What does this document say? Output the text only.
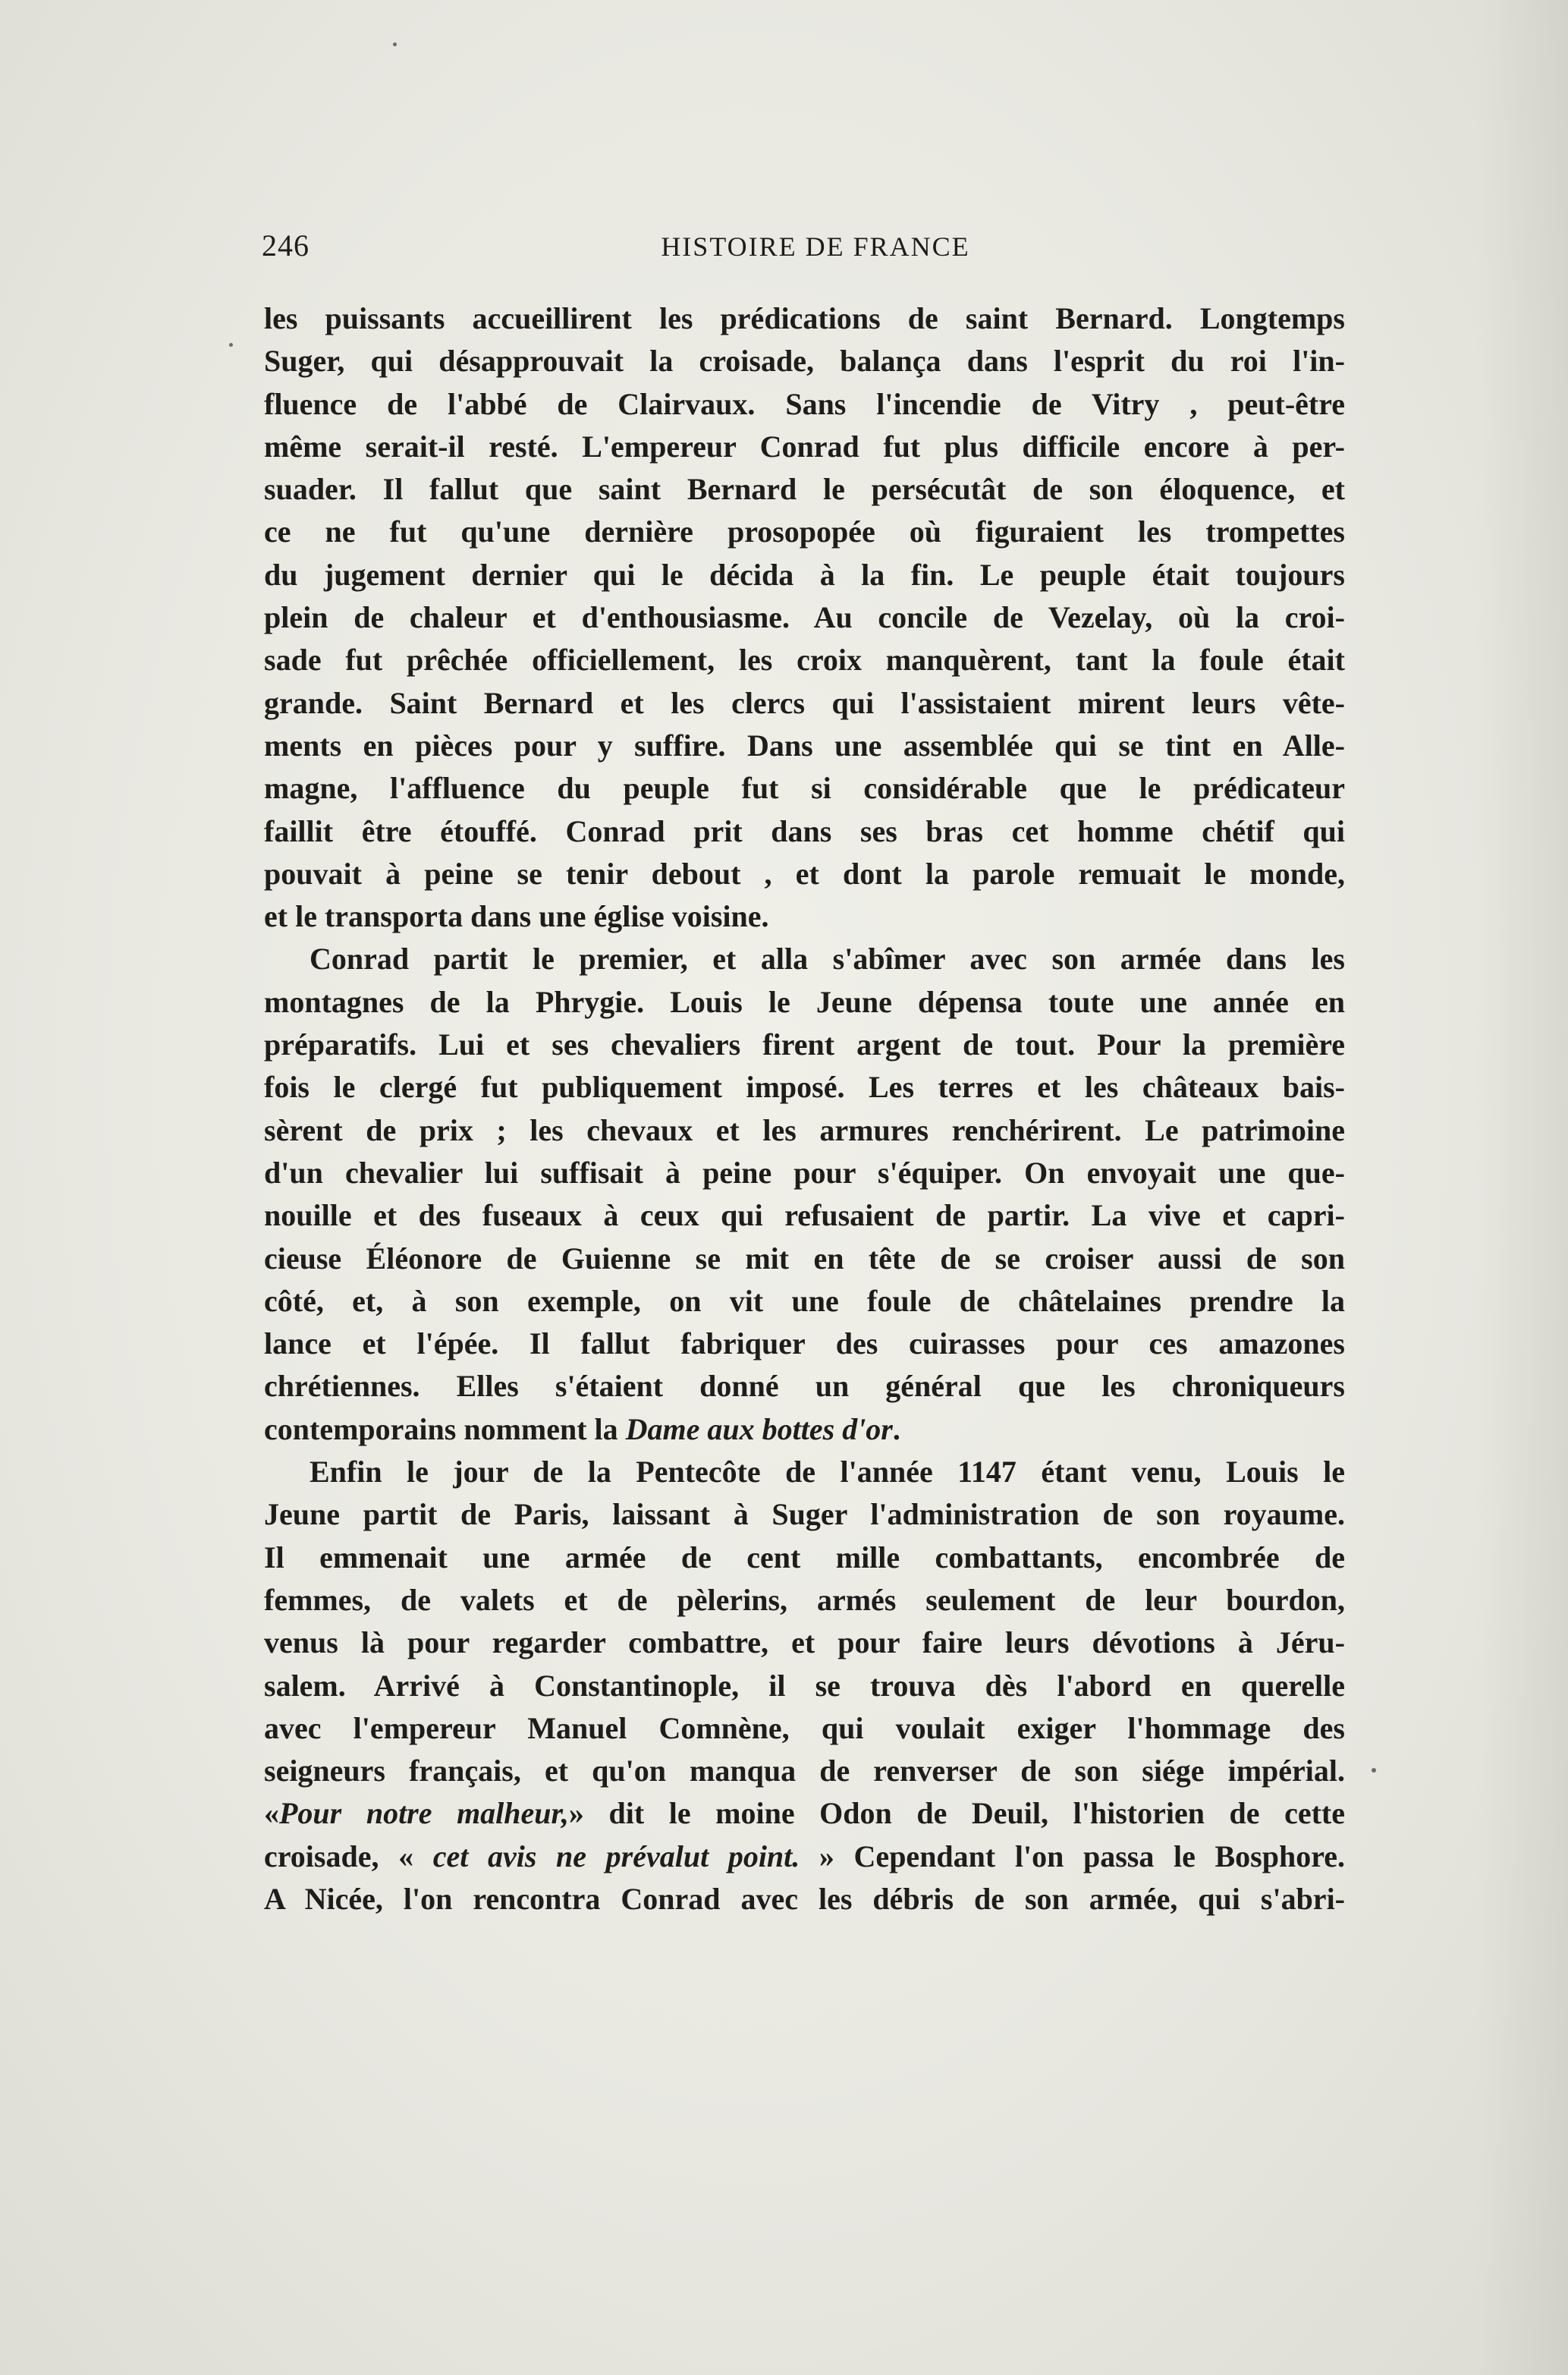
246	HISTOIRE DE FRANCE
les puissants accueillirent les prédications de saint Bernard. Longtemps
Suger, qui désapprouvait la croisade, balança dans l'esprit du roi l'in-
fluence de l'abbé de Clairvaux. Sans l'incendie de Vitry , peut-être
même serait-il resté. L'empereur Conrad fut plus difficile encore à per-
suader. Il fallut que saint Bernard le persécutât de son éloquence, et
ce ne fut qu'une dernière prosopopée où figuraient les trompettes
du jugement dernier qui le décida à la fin. Le peuple était toujours
plein de chaleur et d'enthousiasme. Au concile de Vezelay, où la croi-
sade fut prêchée officiellement, les croix manquèrent, tant la foule était
grande. Saint Bernard et les clercs qui l'assistaient mirent leurs vête-
ments en pièces pour y suffire. Dans une assemblée qui se tint en Alle-
magne, l'affluence du peuple fut si considérable que le prédicateur
faillit être étouffé. Conrad prit dans ses bras cet homme chétif qui
pouvait à peine se tenir debout , et dont la parole remuait le monde,
et le transporta dans une église voisine.
Conrad partit le premier, et alla s'abîmer avec son armée dans les
montagnes de la Phrygie. Louis le Jeune dépensa toute une année en
préparatifs. Lui et ses chevaliers firent argent de tout. Pour la première
fois le clergé fut publiquement imposé. Les terres et les châteaux bais-
sèrent de prix ; les chevaux et les armures renchérirent. Le patrimoine
d'un chevalier lui suffisait à peine pour s'équiper. On envoyait une que-
nouille et des fuseaux à ceux qui refusaient de partir. La vive et capri-
cieuse Éléonore de Guienne se mit en tête de se croiser aussi de son
côté, et, à son exemple, on vit une foule de châtelaines prendre la
lance et l'épée. Il fallut fabriquer des cuirasses pour ces amazones
chrétiennes. Elles s'étaient donné un général que les chroniqueurs
contemporains nomment la Dame aux bottes d'or.
Enfin le jour de la Pentecôte de l'année 1147 étant venu, Louis le
Jeune partit de Paris, laissant à Suger l'administration de son royaume.
Il emmenait une armée de cent mille combattants, encombrée de
femmes, de valets et de pèlerins, armés seulement de leur bourdon,
venus là pour regarder combattre, et pour faire leurs dévotions à Jéru-
salem. Arrivé à Constantinople, il se trouva dès l'abord en querelle
avec l'empereur Manuel Comnène, qui voulait exiger l'hommage des
seigneurs français, et qu'on manqua de renverser de son siége impérial.
«Pour notre malheur,» dit le moine Odon de Deuil, l'historien de cette
croisade, « cet avis ne prévalut point. » Cependant l'on passa le Bosphore.
A Nicée, l'on rencontra Conrad avec les débris de son armée, qui s'abri-
